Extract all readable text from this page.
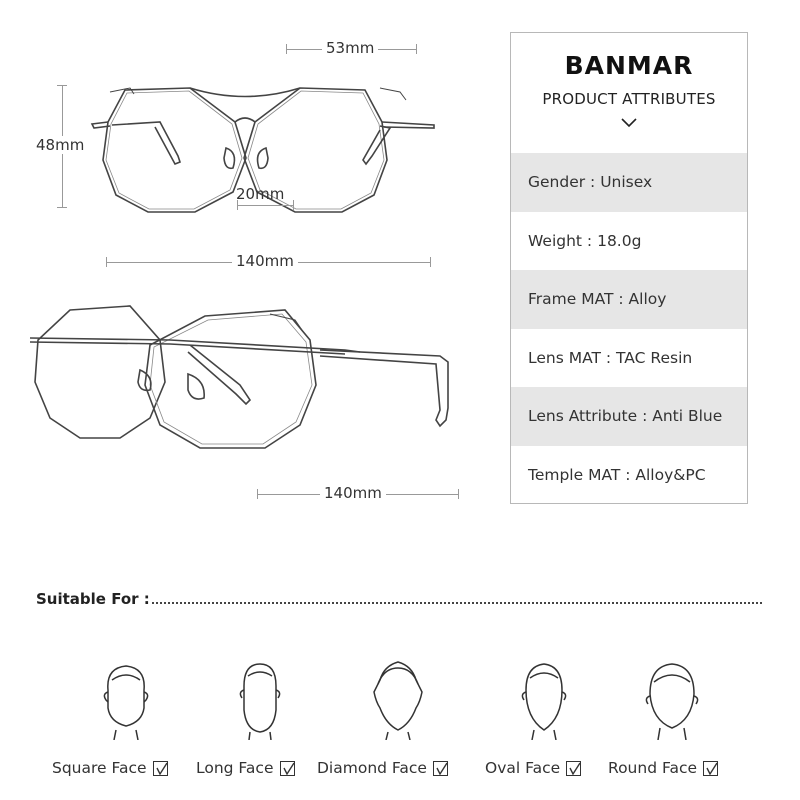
53mm
48mm
20mm
140mm
140mm
BANMAR
PRODUCT ATTRIBUTES
Gender : Unisex
Weight : 18.0g
Frame MAT : Alloy
Lens MAT : TAC Resin
Lens Attribute : Anti Blue
Temple MAT : Alloy&PC
Suitable For :
Square Face	Long Face	Diamond Face	Oval Face	Round Face
